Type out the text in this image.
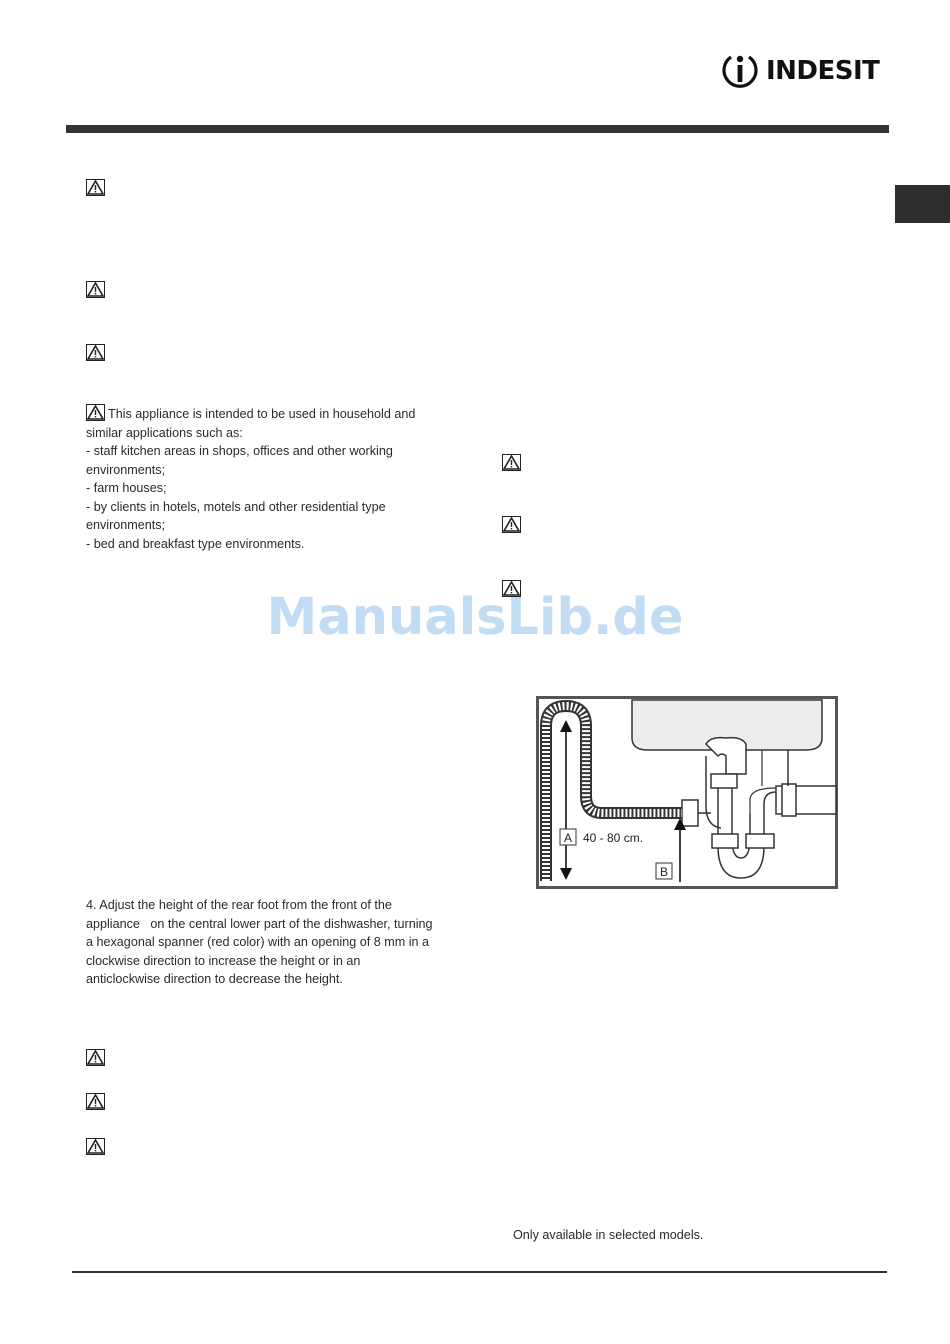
INDESIT
This appliance is intended to be used in household and
similar applications such as:
- staff kitchen areas in shops, offices and other working
environments;
- farm houses;
- by clients in hotels, motels and other residential type
environments;
- bed and breakfast type environments.
ManualsLib.de
A 40 - 80 cm.
B
4. Adjust the height of the rear foot from the front of the
appliance   on the central lower part of the dishwasher, turning
a hexagonal spanner (red color) with an opening of 8 mm in a
clockwise direction to increase the height or in an
anticlockwise direction to decrease the height.
Only available in selected models.
